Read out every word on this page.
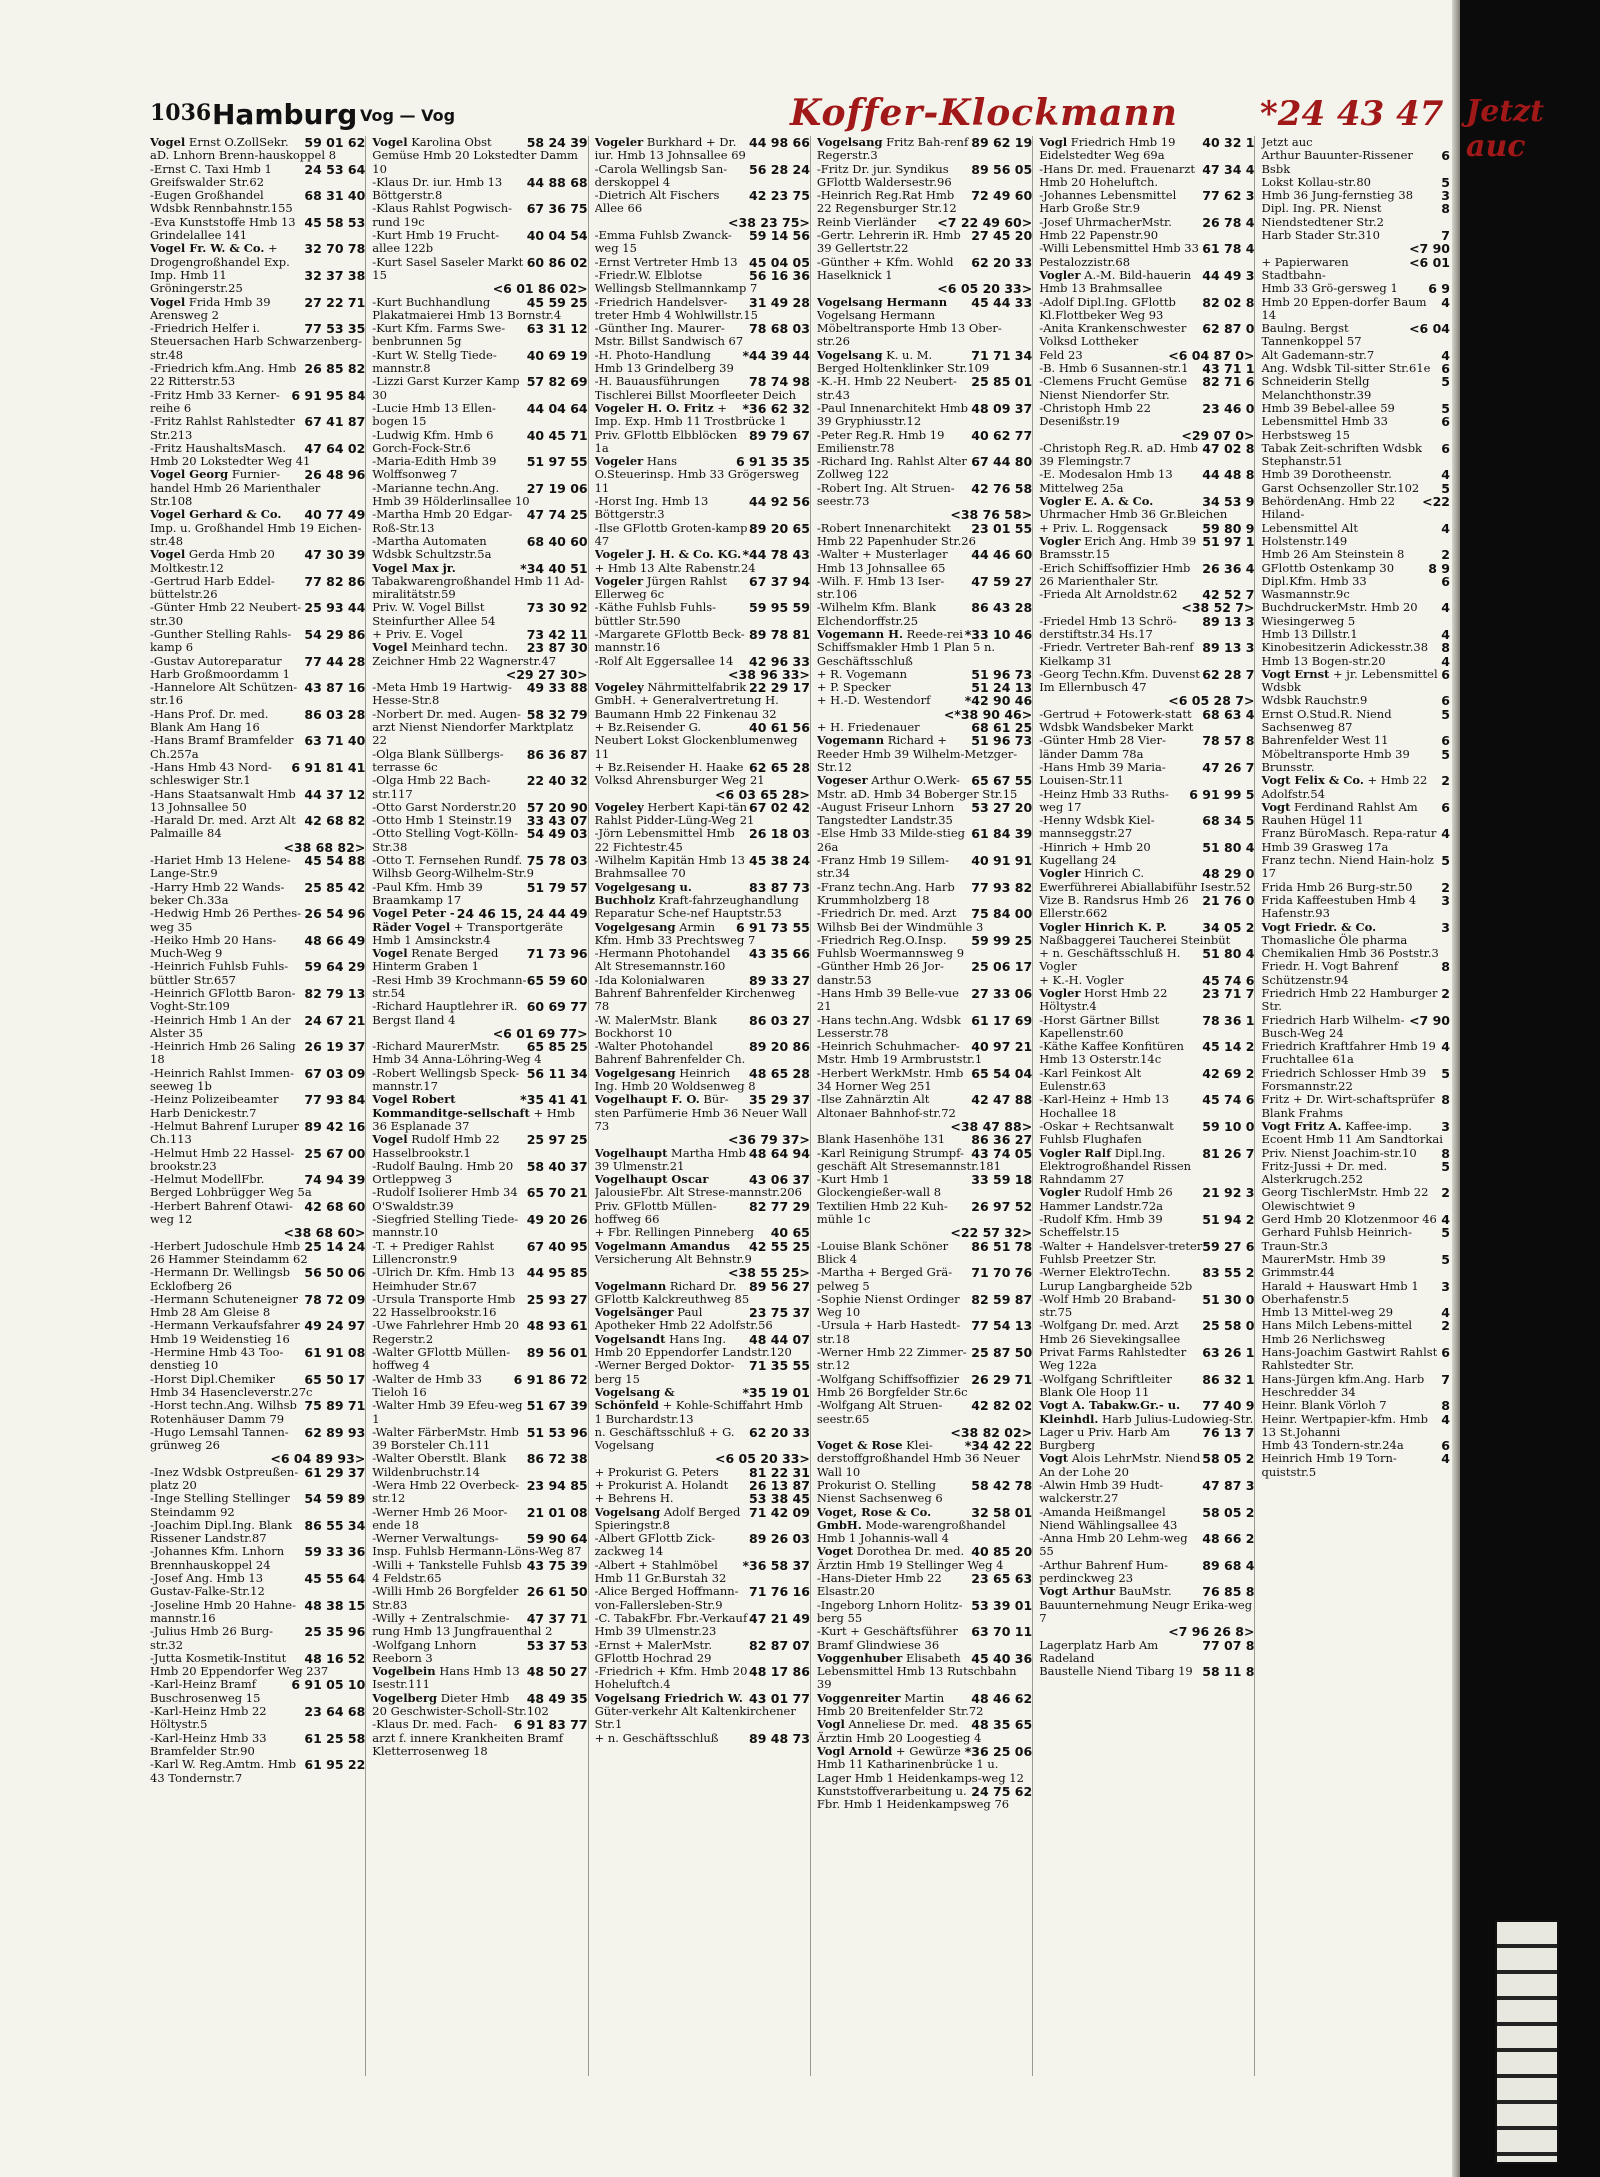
1036 Hamburg Vog — Vog	Koffer-Klockmann *24 43 47
59 01 62
Vogel Ernst O.ZollSekr. aD. Lnhorn Brenn-hauskoppel 8
24 53 64
-Ernst C. Taxi Hmb 1 Greifswalder Str.62
68 31 40
-Eugen Großhandel Wdsbk Rennbahnstr.155
45 58 53
-Eva Kunststoffe Hmb 13 Grindelallee 141
32 70 78
Vogel Fr. W. & Co. + Drogengroßhandel Exp.
32 37 38
Imp. Hmb 11 Gröningerstr.25
27 22 71
Vogel Frida Hmb 39 Arensweg 2
77 53 35
-Friedrich Helfer i. Steuersachen Harb Schwarzenberg-str.48
26 85 82
-Friedrich kfm.Ang. Hmb 22 Ritterstr.53
6 91 95 84
-Fritz Hmb 33 Kerner-reihe 6
67 41 87
-Fritz Rahlst Rahlstedter Str.213
47 64 02
-Fritz HaushaltsMasch. Hmb 20 Lokstedter Weg 41
26 48 96
Vogel Georg Furnier-handel Hmb 26 Marienthaler Str.108
40 77 49
Vogel Gerhard & Co. Imp. u. Großhandel Hmb 19 Eichen-str.48
47 30 39
Vogel Gerda Hmb 20 Moltkestr.12
77 82 86
-Gertrud Harb Eddel-büttelstr.26
25 93 44
-Günter Hmb 22 Neubert-str.30
54 29 86
-Gunther Stelling Rahls-kamp 6
77 44 28
-Gustav Autoreparatur Harb Großmoordamm 1
43 87 16
-Hannelore Alt Schützen-str.16
86 03 28
-Hans Prof. Dr. med. Blank Am Hang 16
63 71 40
-Hans Bramf Bramfelder Ch.257a
6 91 81 41
-Hans Hmb 43 Nord-schleswiger Str.1
44 37 12
-Hans Staatsanwalt Hmb 13 Johnsallee 50
42 68 82
-Harald Dr. med. Arzt Alt Palmaille 84
<38 68 82>
45 54 88
-Hariet Hmb 13 Helene-Lange-Str.9
25 85 42
-Harry Hmb 22 Wands-beker Ch.33a
26 54 96
-Hedwig Hmb 26 Perthes-weg 35
48 66 49
-Heiko Hmb 20 Hans-Much-Weg 9
59 64 29
-Heinrich Fuhlsb Fuhls-büttler Str.657
82 79 13
-Heinrich GFlottb Baron-Voght-Str.109
24 67 21
-Heinrich Hmb 1 An der Alster 35
26 19 37
-Heinrich Hmb 26 Saling 18
67 03 09
-Heinrich Rahlst Immen-seeweg 1b
77 93 84
-Heinz Polizeibeamter Harb Denickestr.7
89 42 16
-Helmut Bahrenf Luruper Ch.113
25 67 00
-Helmut Hmb 22 Hassel-brookstr.23
74 94 39
-Helmut ModellFbr. Berged Lohbrügger Weg 5a
42 68 60
-Herbert Bahrenf Otawi-weg 12
<38 68 60>
25 14 24
-Herbert Judoschule Hmb 26 Hammer Steindamm 62
56 50 06
-Hermann Dr. Wellingsb Ecklofberg 26
78 72 09
-Hermann Schuteneigner Hmb 28 Am Gleise 8
49 24 97
-Hermann Verkaufsfahrer Hmb 19 Weidenstieg 16
61 91 08
-Hermine Hmb 43 Too-denstieg 10
65 50 17
-Horst Dipl.Chemiker Hmb 34 Hasencleverstr.27c
75 89 71
-Horst techn.Ang. Wilhsb Rotenhäuser Damm 79
62 89 93
-Hugo Lemsahl Tannen-grünweg 26
<6 04 89 93>
61 29 37
-Inez Wdsbk Ostpreußen-platz 20
54 59 89
-Inge Stelling Stellinger Steindamm 92
86 55 34
-Joachim Dipl.Ing. Blank Rissener Landstr.87
59 33 36
-Johannes Kfm. Lnhorn Brennhauskoppel 24
45 55 64
-Josef Ang. Hmb 13 Gustav-Falke-Str.12
48 38 15
-Joseline Hmb 20 Hahne-mannstr.16
25 35 96
-Julius Hmb 26 Burg-str.32
48 16 52
-Jutta Kosmetik-Institut Hmb 20 Eppendorfer Weg 237
6 91 05 10
-Karl-Heinz Bramf Buschrosenweg 15
23 64 68
-Karl-Heinz Hmb 22 Höltystr.5
61 25 58
-Karl-Heinz Hmb 33 Bramfelder Str.90
61 95 22
-Karl W. Reg.Amtm. Hmb 43 Tondernstr.7
58 24 39
Vogel Karolina Obst Gemüse Hmb 20 Lokstedter Damm 10
44 88 68
-Klaus Dr. iur. Hmb 13 Böttgerstr.8
67 36 75
-Klaus Rahlst Pogwisch-rund 19c
40 04 54
-Kurt Hmb 19 Frucht-allee 122b
60 86 02
-Kurt Sasel Saseler Markt 15
<6 01 86 02>
45 59 25
-Kurt Buchhandlung Plakatmaierei Hmb 13 Bornstr.4
63 31 12
-Kurt Kfm. Farms Swe-benbrunnen 5g
40 69 19
-Kurt W. Stellg Tiede-mannstr.8
57 82 69
-Lizzi Garst Kurzer Kamp 30
44 04 64
-Lucie Hmb 13 Ellen-bogen 15
40 45 71
-Ludwig Kfm. Hmb 6 Gorch-Fock-Str.6
51 97 55
-Maria-Edith Hmb 39 Wolffsonweg 7
27 19 06
-Marianne techn.Ang. Hmb 39 Hölderlinsallee 10
47 74 25
-Martha Hmb 20 Edgar-Roß-Str.13
68 40 60
-Martha Automaten Wdsbk Schultzstr.5a
*34 40 51
Vogel Max jr. Tabakwarengroßhandel Hmb 11 Ad-miralitätstr.59
73 30 92
Priv. W. Vogel Billst Steinfurther Allee 54
73 42 11
+ Priv. E. Vogel
23 87 30
Vogel Meinhard techn. Zeichner Hmb 22 Wagnerstr.47
<29 27 30>
49 33 88
-Meta Hmb 19 Hartwig-Hesse-Str.8
58 32 79
-Norbert Dr. med. Augen-arzt Nienst Niendorfer Marktplatz 22
86 36 87
-Olga Blank Süllbergs-terrasse 6c
22 40 32
-Olga Hmb 22 Bach-str.117
57 20 90
-Otto Garst Norderstr.20
33 43 07
-Otto Hmb 1 Steinstr.19
54 49 03
-Otto Stelling Vogt-Kölln-Str.38
75 78 03
-Otto T. Fernsehen Rundf. Wilhsb Georg-Wilhelm-Str.9
51 79 57
-Paul Kfm. Hmb 39 Braamkamp 17
24 46 15, 24 44 49
Vogel Peter - Räder Vogel + Transportgeräte Hmb 1 Amsinckstr.4
71 73 96
Vogel Renate Berged Hinterm Graben 1
65 59 60
-Resi Hmb 39 Krochmann-str.54
60 69 77
-Richard Hauptlehrer iR. Bergst Iland 4
<6 01 69 77>
65 85 25
-Richard MaurerMstr. Hmb 34 Anna-Löhring-Weg 4
56 11 34
-Robert Wellingsb Speck-mannstr.17
*35 41 41
Vogel Robert Kommanditge-sellschaft + Hmb 36 Esplanade 37
25 97 25
Vogel Rudolf Hmb 22 Hasselbrookstr.1
58 40 37
-Rudolf Baulng. Hmb 20 Ortleppweg 3
65 70 21
-Rudolf Isolierer Hmb 34 O'Swaldstr.39
49 20 26
-Siegfried Stelling Tiede-mannstr.10
67 40 95
-T. + Prediger Rahlst Lillencronstr.9
44 95 85
-Ulrich Dr. Kfm. Hmb 13 Heimhuder Str.67
25 93 27
-Ursula Transporte Hmb 22 Hasselbrookstr.16
48 93 61
-Uwe Fahrlehrer Hmb 20 Regerstr.2
89 56 01
-Walter GFlottb Müllen-hoffweg 4
6 91 86 72
-Walter de Hmb 33 Tieloh 16
51 67 39
-Walter Hmb 39 Efeu-weg 1
51 53 96
-Walter FärberMstr. Hmb 39 Borsteler Ch.111
86 72 38
-Walter Oberstlt. Blank Wildenbruchstr.14
23 94 85
-Wera Hmb 22 Overbeck-str.12
21 01 08
-Werner Hmb 26 Moor-ende 18
59 90 64
-Werner Verwaltungs-Insp. Fuhlsb Hermann-Löns-Weg 87
43 75 39
-Willi + Tankstelle Fuhlsb 4 Feldstr.65
26 61 50
-Willi Hmb 26 Borgfelder Str.83
47 37 71
-Willy + Zentralschmie-rung Hmb 13 Jungfrauenthal 2
53 37 53
-Wolfgang Lnhorn Reeborn 3
48 50 27
Vogelbein Hans Hmb 13 Isestr.111
48 49 35
Vogelberg Dieter Hmb 20 Geschwister-Scholl-Str.102
6 91 83 77
-Klaus Dr. med. Fach-arzt f. innere Krankheiten Bramf Kletterrosenweg 18
44 98 66
Vogeler Burkhard + Dr. iur. Hmb 13 Johnsallee 69
56 28 24
-Carola Wellingsb San-derskoppel 4
42 23 75
-Dietrich Alt Fischers Allee 66
<38 23 75>
59 14 56
-Emma Fuhlsb Zwanck-weg 15
45 04 05
-Ernst Vertreter Hmb 13
56 16 36
-Friedr.W. Elblotse Wellingsb Stellmannkamp 7
31 49 28
-Friedrich Handelsver-treter Hmb 4 Wohlwillstr.15
78 68 03
-Günther Ing. Maurer-Mstr. Billst Sandwisch 67
*44 39 44
-H. Photo-Handlung Hmb 13 Grindelberg 39
78 74 98
-H. Bauausführungen Tischlerei Billst Moorfleeter Deich
*36 62 32
Vogeler H. O. Fritz + Imp. Exp. Hmb 11 Trostbrücke 1
89 79 67
Priv. GFlottb Elbblöcken 1a
6 91 35 35
Vogeler Hans O.Steuerinsp. Hmb 33 Grögersweg 11
44 92 56
-Horst Ing. Hmb 13 Böttgerstr.3
89 20 65
-Ilse GFlottb Groten-kamp 47
*44 78 43
Vogeler J. H. & Co. KG. + Hmb 13 Alte Rabenstr.24
67 37 94
Vogeler Jürgen Rahlst Ellerweg 6c
59 95 59
-Käthe Fuhlsb Fuhls-büttler Str.590
89 78 81
-Margarete GFlottb Beck-mannstr.16
42 96 33
-Rolf Alt Eggersallee 14
<38 96 33>
22 29 17
Vogeley Nährmittelfabrik GmbH. + Generalvertretung H. Baumann Hmb 22 Finkenau 32
40 61 56
+ Bz.Reisender G. Neubert Lokst Glockenblumenweg 11
62 65 28
+ Bz.Reisender H. Haake Volksd Ahrensburger Weg 21
<6 03 65 28>
67 02 42
Vogeley Herbert Kapi-tän Rahlst Pidder-Lüng-Weg 21
26 18 03
-Jörn Lebensmittel Hmb 22 Fichtestr.45
45 38 24
-Wilhelm Kapitän Hmb 13 Brahmsallee 70
83 87 73
Vogelgesang u. Buchholz Kraft-fahrzeughandlung Reparatur Sche-nef Hauptstr.53
6 91 73 55
Vogelgesang Armin Kfm. Hmb 33 Prechtsweg 7
43 35 66
-Hermann Photohandel Alt Stresemannstr.160
89 33 27
-Ida Kolonialwaren Bahrenf Bahrenfelder Kirchenweg 78
86 03 27
-W. MalerMstr. Blank Bockhorst 10
89 20 86
-Walter Photohandel Bahrenf Bahrenfelder Ch.
48 65 28
Vogelgesang Heinrich Ing. Hmb 20 Woldsenweg 8
35 29 37
Vogelhaupt F. O. Bür-sten Parfümerie Hmb 36 Neuer Wall 73
<36 79 37>
48 64 94
Vogelhaupt Martha Hmb 39 Ulmenstr.21
43 06 37
Vogelhaupt Oscar JalousieFbr. Alt Strese-mannstr.206
82 77 29
Priv. GFlottb Müllen-hoffweg 66
40 65
+ Fbr. Rellingen Pinneberg
42 55 25
Vogelmann Amandus Versicherung Alt Behnstr.9
<38 55 25>
89 56 27
Vogelmann Richard Dr. GFlottb Kalckreuthweg 85
23 75 37
Vogelsänger Paul Apotheker Hmb 22 Adolfstr.56
48 44 07
Vogelsandt Hans Ing. Hmb 20 Eppendorfer Landstr.120
71 35 55
-Werner Berged Doktor-berg 15
*35 19 01
Vogelsang & Schönfeld + Kohle-Schiffahrt Hmb 1 Burchardstr.13
62 20 33
n. Geschäftsschluß + G. Vogelsang
<6 05 20 33>
81 22 31
+ Prokurist G. Peters
26 13 87
+ Prokurist A. Holandt
53 38 45
+ Behrens H.
71 42 09
Vogelsang Adolf Berged Spieringstr.8
89 26 03
-Albert GFlottb Zick-zackweg 14
*36 58 37
-Albert + Stahlmöbel Hmb 11 Gr.Burstah 32
71 76 16
-Alice Berged Hoffmann-von-Fallersleben-Str.9
47 21 49
-C. TabakFbr. Fbr.-Verkauf Hmb 39 Ulmenstr.23
82 87 07
-Ernst + MalerMstr. GFlottb Hochrad 29
48 17 86
-Friedrich + Kfm. Hmb 20 Hoheluftch.4
43 01 77
Vogelsang Friedrich W. Güter-verkehr Alt Kaltenkirchener Str.1
89 48 73
+ n. Geschäftsschluß
89 62 19
Vogelsang Fritz Bah-renf Regerstr.3
89 56 05
-Fritz Dr. jur. Syndikus GFlottb Waldersestr.96
72 49 60
-Heinrich Reg.Rat Hmb 22 Regensburger Str.12
<7 22 49 60>
Reinb Vierländer
27 45 20
-Gertr. Lehrerin iR. Hmb 39 Gellertstr.22
62 20 33
-Günther + Kfm. Wohld Haselknick 1
<6 05 20 33>
45 44 33
Vogelsang Hermann Vogelsang Hermann Möbeltransporte Hmb 13 Ober-str.26
71 71 34
Vogelsang K. u. M. Berged Holtenklinker Str.109
25 85 01
-K.-H. Hmb 22 Neubert-str.43
48 09 37
-Paul Innenarchitekt Hmb 39 Gryphiusstr.12
40 62 77
-Peter Reg.R. Hmb 19 Emilienstr.78
67 44 80
-Richard Ing. Rahlst Alter Zollweg 122
42 76 58
-Robert Ing. Alt Struen-seestr.73
<38 76 58>
23 01 55
-Robert Innenarchitekt Hmb 22 Papenhuder Str.26
44 46 60
-Walter + Musterlager Hmb 13 Johnsallee 65
47 59 27
-Wilh. F. Hmb 13 Iser-str.106
86 43 28
-Wilhelm Kfm. Blank Elchendorffstr.25
*33 10 46
Vogemann H. Reede-rei Schiffsmakler Hmb 1 Plan 5 n. Geschäftsschluß
51 96 73
+ R. Vogemann
51 24 13
+ P. Specker
*42 90 46
+ H.-D. Westendorf
<*38 90 46>
68 61 25
+ H. Friedenauer
51 96 73
Vogemann Richard + Reeder Hmb 39 Wilhelm-Metzger-Str.12
65 67 55
Vogeser Arthur O.Werk-Mstr. aD. Hmb 34 Boberger Str.15
53 27 20
-August Friseur Lnhorn Tangstedter Landstr.35
61 84 39
-Else Hmb 33 Milde-stieg 26a
40 91 91
-Franz Hmb 19 Sillem-str.34
77 93 82
-Franz techn.Ang. Harb Krummholzberg 18
75 84 00
-Friedrich Dr. med. Arzt Wilhsb Bei der Windmühle 3
59 99 25
-Friedrich Reg.O.Insp. Fuhlsb Woermannsweg 9
25 06 17
-Günther Hmb 26 Jor-danstr.53
27 33 06
-Hans Hmb 39 Belle-vue 21
61 17 69
-Hans techn.Ang. Wdsbk Lesserstr.78
40 97 21
-Heinrich Schuhmacher-Mstr. Hmb 19 Armbruststr.1
65 54 04
-Herbert WerkMstr. Hmb 34 Horner Weg 251
42 47 88
-Ilse Zahnärztin Alt Altonaer Bahnhof-str.72
<38 47 88>
86 36 27
Blank Hasenhöhe 131
43 74 05
-Karl Reinigung Strumpf-geschäft Alt Stresemannstr.181
33 59 18
-Kurt Hmb 1 Glockengießer-wall 8
26 97 52
Textilien Hmb 22 Kuh-mühle 1c
<22 57 32>
86 51 78
-Louise Blank Schöner Blick 4
71 70 76
-Martha + Berged Grä-pelweg 5
82 59 87
-Sophie Nienst Ordinger Weg 10
77 54 13
-Ursula + Harb Hastedt-str.18
25 87 50
-Werner Hmb 22 Zimmer-str.12
26 29 71
-Wolfgang Schiffsoffizier Hmb 26 Borgfelder Str.6c
42 82 02
-Wolfgang Alt Struen-seestr.65
<38 82 02>
*34 42 22
Voget & Rose Klei-derstoffgroßhandel Hmb 36 Neuer Wall 10
58 42 78
Prokurist O. Stelling Nienst Sachsenweg 6
32 58 01
Voget, Rose & Co. GmbH. Mode-warengroßhandel Hmb 1 Johannis-wall 4
40 85 20
Voget Dorothea Dr. med. Ärztin Hmb 19 Stellinger Weg 4
23 65 63
-Hans-Dieter Hmb 22 Elsastr.20
53 39 01
-Ingeborg Lnhorn Holitz-berg 55
63 70 11
-Kurt + Geschäftsführer Bramf Glindwiese 36
45 40 36
Voggenhuber Elisabeth Lebensmittel Hmb 13 Rutschbahn 39
48 46 62
Voggenreiter Martin Hmb 20 Breitenfelder Str.72
48 35 65
Vogl Anneliese Dr. med. Ärztin Hmb 20 Loogestieg 4
*36 25 06
Vogl Arnold + Gewürze Hmb 11 Katharinenbrücke 1 u. Lager Hmb 1 Heidenkamps-weg 12
24 75 62
Kunststoffverarbeitung u. Fbr. Hmb 1 Heidenkampsweg 76
40 32 1
Vogl Friedrich Hmb 19 Eidelstedter Weg 69a
47 34 4
-Hans Dr. med. Frauenarzt Hmb 20 Hoheluftch.
77 62 3
-Johannes Lebensmittel Harb Große Str.9
26 78 4
-Josef UhrmacherMstr. Hmb 22 Papenstr.90
61 78 4
-Willi Lebensmittel Hmb 33 Pestalozzistr.68
44 49 3
Vogler A.-M. Bild-hauerin Hmb 13 Brahmsallee
82 02 8
-Adolf Dipl.Ing. GFlottb Kl.Flottbeker Weg 93
62 87 0
-Anita Krankenschwester Volksd Lottheker
<6 04 87 0>
Feld 23
43 71 1
-B. Hmb 6 Susannen-str.1
82 71 6
-Clemens Frucht Gemüse Nienst Niendorfer Str.
23 46 0
-Christoph Hmb 22 Desenißstr.19
<29 07 0>
47 02 8
-Christoph Reg.R. aD. Hmb 39 Flemingstr.7
44 48 8
-E. Modesalon Hmb 13 Mittelweg 25a
34 53 9
Vogler E. A. & Co. Uhrmacher Hmb 36 Gr.Bleichen
59 80 9
+ Priv. L. Roggensack
51 97 1
Vogler Erich Ang. Hmb 39 Bramsstr.15
26 36 4
-Erich Schiffsoffizier Hmb 26 Marienthaler Str.
42 52 7
-Frieda Alt Arnoldstr.62
<38 52 7>
89 13 3
-Friedel Hmb 13 Schrö-derstiftstr.34 Hs.17
89 13 3
-Friedr. Vertreter Bah-renf Kielkamp 31
62 28 7
-Georg Techn.Kfm. Duvenst Im Ellernbusch 47
<6 05 28 7>
68 63 4
-Gertrud + Fotowerk-statt Wdsbk Wandsbeker Markt
78 57 8
-Günter Hmb 28 Vier-länder Damm 78a
47 26 7
-Hans Hmb 39 Maria-Louisen-Str.11
6 91 99 5
-Heinz Hmb 33 Ruths-weg 17
68 34 5
-Henny Wdsbk Kiel-mannseggstr.27
51 80 4
-Hinrich + Hmb 20 Kugellang 24
48 29 0
Vogler Hinrich C. Ewerführerei Abiallabiführ Isestr.52
21 76 0
Vize B. Randsrus Hmb 26 Ellerstr.662
34 05 2
Vogler Hinrich K. P. Naßbaggerei Taucherei Steinbüt
51 80 4
+ n. Geschäftsschluß H. Vogler
45 74 6
+ K.-H. Vogler
23 71 7
Vogler Horst Hmb 22 Höltystr.4
78 36 1
-Horst Gärtner Billst Kapellenstr.60
45 14 2
-Käthe Kaffee Konfitüren Hmb 13 Osterstr.14c
42 69 2
-Karl Feinkost Alt Eulenstr.63
45 74 6
-Karl-Heinz + Hmb 13 Hochallee 18
59 10 0
-Oskar + Rechtsanwalt Fuhlsb Flughafen
81 26 7
Vogler Ralf Dipl.Ing. Elektrogroßhandel Rissen Rahndamm 27
21 92 3
Vogler Rudolf Hmb 26 Hammer Landstr.72a
51 94 2
-Rudolf Kfm. Hmb 39 Scheffelstr.15
59 27 6
-Walter + Handelsver-treter Fuhlsb Preetzer Str.
83 55 2
-Werner ElektroTechn. Lurup Langbargheide 52b
51 30 0
-Wolf Hmb 20 Braband-str.75
25 58 0
-Wolfgang Dr. med. Arzt Hmb 26 Sievekingsallee
63 26 1
Privat Farms Rahlstedter Weg 122a
86 32 1
-Wolfgang Schriftleiter Blank Ole Hoop 11
77 40 9
Vogt A. Tabakw.Gr.- u. Kleinhdl. Harb Julius-Ludowieg-Str.
76 13 7
Lager u Priv. Harb Am Burgberg
58 05 2
Vogt Alois LehrMstr. Niend An der Lohe 20
47 87 3
-Alwin Hmb 39 Hudt-walckerstr.27
58 05 2
-Amanda Heißmangel Niend Wählingsallee 43
48 66 2
-Anna Hmb 20 Lehm-weg 55
89 68 4
-Arthur Bahrenf Hum-perdinckweg 23
76 85 8
Vogt Arthur BauMstr. Bauunternehmung Neugr Erika-weg 7
<7 96 26 8>
77 07 8
Lagerplatz Harb Am Radeland
58 11 8
Baustelle Niend Tibarg 19
Jetzt auc
6
Arthur Bauunter-Rissener Bsbk
5
Lokst Kollau-str.80
3
Hmb 36 Jung-fernstieg 38
8
Dipl. Ing. PR. Nienst Niendstedtener Str.2
7
Harb Stader Str.310
<7 90
<6 01
+ Papierwaren Stadtbahn-
6 9
Hmb 33 Grö-gersweg 1
4
Hmb 20 Eppen-dorfer Baum 14
<6 04
Baulng. Bergst Tannenkoppel 57
4
Alt Gademann-str.7
6
Ang. Wdsbk Til-sitter Str.61e
5
Schneiderin Stellg Melanchthonstr.39
5
Hmb 39 Bebel-allee 59
6
Lebensmittel Hmb 33 Herbstsweg 15
6
Tabak Zeit-schriften Wdsbk Stephanstr.51
4
Hmb 39 Dorotheenstr.
5
Garst Ochsenzoller Str.102
<22
BehördenAng. Hmb 22 Hiland-
4
Lebensmittel Alt Holstenstr.149
2
Hmb 26 Am Steinstein 8
8 9
GFlottb Ostenkamp 30
6
Dipl.Kfm. Hmb 33 Wasmannstr.9c
4
BuchdruckerMstr. Hmb 20 Wiesingerweg 5
4
Hmb 13 Dillstr.1
8
Kinobesitzerin Adickesstr.38
4
Hmb 13 Bogen-str.20
6
Vogt Ernst + jr. Lebensmittel Wdsbk
6
Wdsbk Rauchstr.9
5
Ernst O.Stud.R. Niend Sachsenweg 87
6
Bahrenfelder West 11
5
Möbeltransporte Hmb 39 Brunsstr.
2
Vogt Felix & Co. + Hmb 22 Adolfstr.54
6
Vogt Ferdinand Rahlst Am Rauhen Hügel 11
4
Franz BüroMasch. Repa-ratur Hmb 39 Grasweg 17a
5
Franz techn. Niend Hain-holz 17
2
Frida Hmb 26 Burg-str.50
3
Frida Kaffeestuben Hmb 4 Hafenstr.93
3
Vogt Friedr. & Co. Thomasliche Öle pharma Chemikalien Hmb 36 Poststr.3
8
Friedr. H. Vogt Bahrenf Schützenstr.94
2
Friedrich Hmb 22 Hamburger Str.
<7 90
Friedrich Harb Wilhelm-Busch-Weg 24
4
Friedrich Kraftfahrer Hmb 19 Fruchtallee 61a
5
Friedrich Schlosser Hmb 39 Forsmannstr.22
8
Fritz + Dr. Wirt-schaftsprüfer Blank Frahms
3
Vogt Fritz A. Kaffee-imp. Ecoent Hmb 11 Am Sandtorkai
8
Priv. Nienst Joachim-str.10
5
Fritz-Jussi + Dr. med. Alsterkrugch.252
2
Georg TischlerMstr. Hmb 22 Olewischtwiet 9
4
Gerd Hmb 20 Klotzenmoor 46
5
Gerhard Fuhlsb Heinrich-Traun-Str.3
5
MaurerMstr. Hmb 39 Grimmstr.44
3
Harald + Hauswart Hmb 1 Oberhafenstr.5
4
Hmb 13 Mittel-weg 29
2
Hans Milch Lebens-mittel Hmb 26 Nerlichsweg
6
Hans-Joachim Gastwirt Rahlst Rahlstedter Str.
7
Hans-Jürgen kfm.Ang. Harb Heschredder 34
8
Heinr. Blank Vörloh 7
4
Heinr. Wertpapier-kfm. Hmb 13 St.Johanni
6
Hmb 43 Tondern-str.24a
4
Heinrich Hmb 19 Torn-quiststr.5
Jetzt auc
